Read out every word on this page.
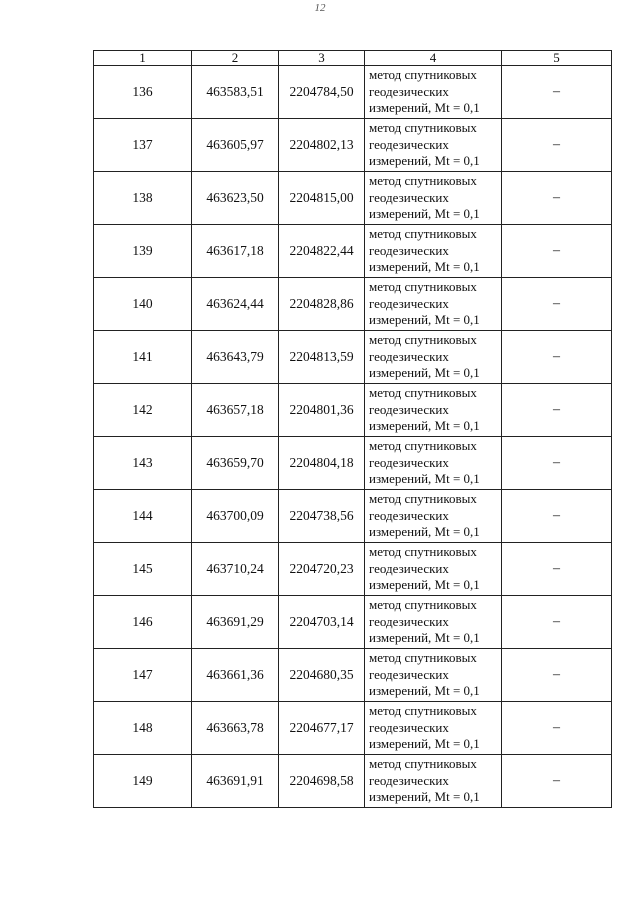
12
1	2	3	4	5
136	463583,51	2204784,50	метод спутниковых
геодезических
измерений, Mt = 0,1	–
137	463605,97	2204802,13	метод спутниковых
геодезических
измерений, Mt = 0,1	–
138	463623,50	2204815,00	метод спутниковых
геодезических
измерений, Mt = 0,1	–
139	463617,18	2204822,44	метод спутниковых
геодезических
измерений, Mt = 0,1	–
140	463624,44	2204828,86	метод спутниковых
геодезических
измерений, Mt = 0,1	–
141	463643,79	2204813,59	метод спутниковых
геодезических
измерений, Mt = 0,1	–
142	463657,18	2204801,36	метод спутниковых
геодезических
измерений, Mt = 0,1	–
143	463659,70	2204804,18	метод спутниковых
геодезических
измерений, Mt = 0,1	–
144	463700,09	2204738,56	метод спутниковых
геодезических
измерений, Mt = 0,1	–
145	463710,24	2204720,23	метод спутниковых
геодезических
измерений, Mt = 0,1	–
146	463691,29	2204703,14	метод спутниковых
геодезических
измерений, Mt = 0,1	–
147	463661,36	2204680,35	метод спутниковых
геодезических
измерений, Mt = 0,1	–
148	463663,78	2204677,17	метод спутниковых
геодезических
измерений, Mt = 0,1	–
149	463691,91	2204698,58	метод спутниковых
геодезических
измерений, Mt = 0,1	–
